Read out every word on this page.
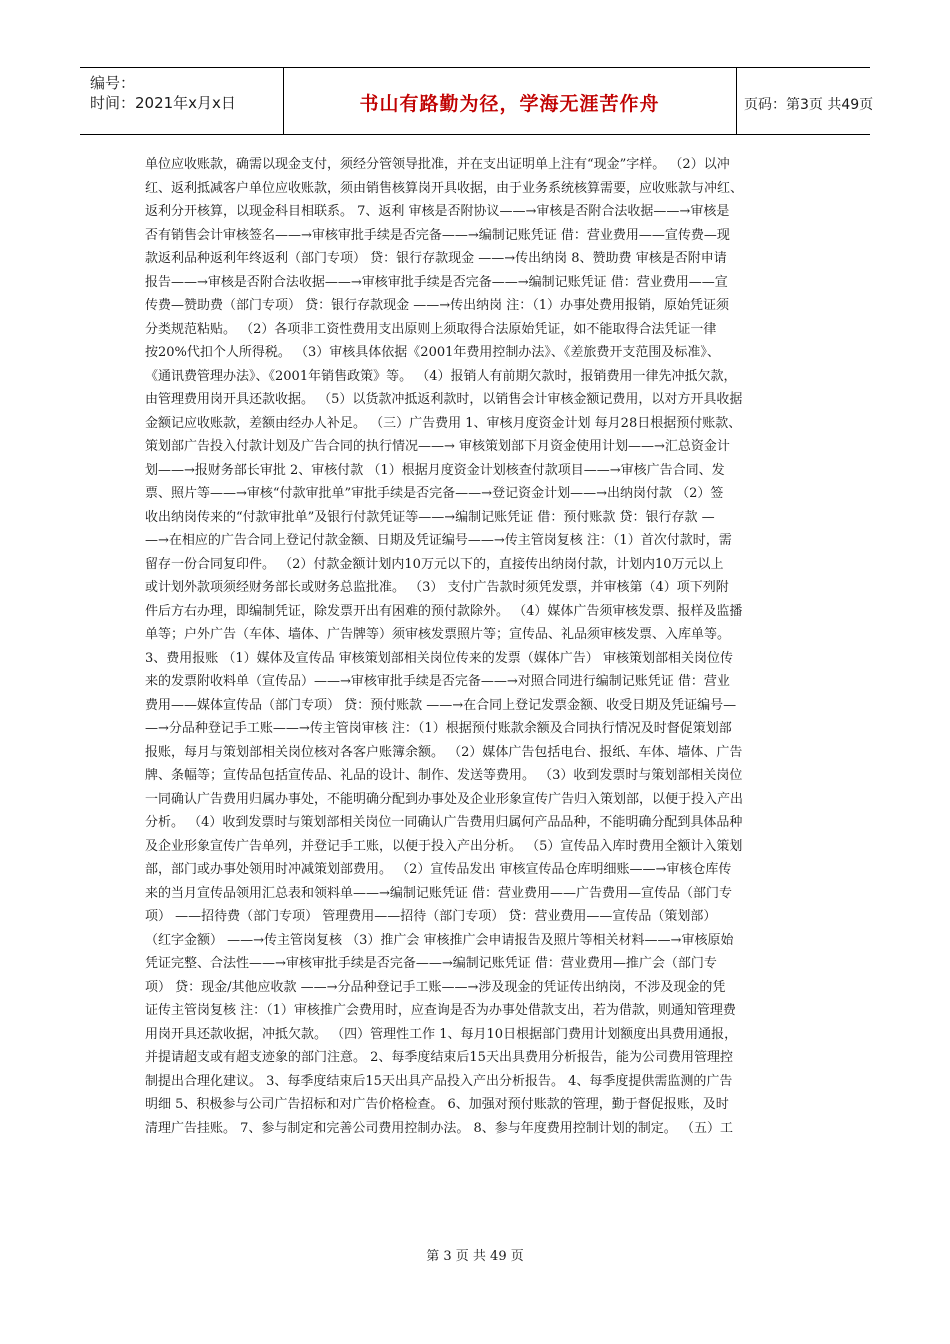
编号：
时间：2021年x月x日	书山有路勤为径，学海无涯苦作舟	页码：第3页 共49页
单位应收账款，确需以现金支付，须经分管领导批准，并在支出证明单上注有“现金”字样。 （2）以冲
红、返利抵减客户单位应收账款，须由销售核算岗开具收据，由于业务系统核算需要，应收账款与冲红、
返利分开核算，以现金科目相联系。 7、返利 审核是否附协议——→审核是否附合法收据——→审核是
否有销售会计审核签名——→审核审批手续是否完备——→编制记账凭证 借：营业费用——宣传费—现
款返利品种返利年终返利（部门专项） 贷：银行存款现金 ——→传出纳岗 8、赞助费 审核是否附申请
报告——→审核是否附合法收据——→审核审批手续是否完备——→编制记账凭证 借：营业费用——宣
传费—赞助费（部门专项） 贷：银行存款现金 ——→传出纳岗 注：（1）办事处费用报销，原始凭证须
分类规范粘贴。 （2）各项非工资性费用支出原则上须取得合法原始凭证，如不能取得合法凭证一律
按20%代扣个人所得税。 （3）审核具体依据《2001年费用控制办法》、《差旅费开支范围及标准》、
《通讯费管理办法》、《2001年销售政策》等。 （4）报销人有前期欠款时，报销费用一律先冲抵欠款，
由管理费用岗开具还款收据。 （5）以货款冲抵返利款时，以销售会计审核金额记费用，以对方开具收据
金额记应收账款，差额由经办人补足。 （三）广告费用 1、审核月度资金计划 每月28日根据预付账款、
策划部广告投入付款计划及广告合同的执行情况——→ 审核策划部下月资金使用计划——→汇总资金计
划——→报财务部长审批 2、审核付款 （1）根据月度资金计划核查付款项目——→审核广告合同、发
票、照片等——→审核“付款审批单”审批手续是否完备——→登记资金计划——→出纳岗付款 （2）签
收出纳岗传来的“付款审批单”及银行付款凭证等——→编制记账凭证 借：预付账款 贷：银行存款 —
—→在相应的广告合同上登记付款金额、日期及凭证编号——→传主管岗复核 注：（1）首次付款时，需
留存一份合同复印件。 （2）付款金额计划内10万元以下的，直接传出纳岗付款，计划内10万元以上
或计划外款项须经财务部长或财务总监批准。 （3） 支付广告款时须凭发票，并审核第（4）项下列附
件后方右办理，即编制凭证，除发票开出有困难的预付款除外。 （4）媒体广告须审核发票、报样及监播
单等；户外广告（车体、墙体、广告牌等）须审核发票照片等；宣传品、礼品须审核发票、入库单等。
3、费用报账 （1）媒体及宣传品 审核策划部相关岗位传来的发票（媒体广告） 审核策划部相关岗位传
来的发票附收料单（宣传品）——→审核审批手续是否完备——→对照合同进行编制记账凭证 借：营业
费用——媒体宣传品（部门专项） 贷：预付账款 ——→在合同上登记发票金额、收受日期及凭证编号—
—→分品种登记手工账——→传主管岗审核 注：（1）根据预付账款余额及合同执行情况及时督促策划部
报账，每月与策划部相关岗位核对各客户账簿余额。 （2）媒体广告包括电台、报纸、车体、墙体、广告
牌、条幅等；宣传品包括宣传品、礼品的设计、制作、发送等费用。 （3）收到发票时与策划部相关岗位
一同确认广告费用归属办事处，不能明确分配到办事处及企业形象宣传广告归入策划部，以便于投入产出
分析。 （4）收到发票时与策划部相关岗位一同确认广告费用归属何产品品种，不能明确分配到具体品种
及企业形象宣传广告单列，并登记手工账，以便于投入产出分析。 （5）宣传品入库时费用全额计入策划
部，部门或办事处领用时冲减策划部费用。 （2）宣传品发出 审核宣传品仓库明细账——→审核仓库传
来的当月宣传品领用汇总表和领料单——→编制记账凭证 借：营业费用——广告费用—宣传品（部门专
项） ——招待费（部门专项） 管理费用——招待（部门专项） 贷：营业费用——宣传品（策划部）
（红字金额） ——→传主管岗复核 （3）推广会 审核推广会申请报告及照片等相关材料——→审核原始
凭证完整、合法性——→审核审批手续是否完备——→编制记账凭证 借：营业费用—推广会（部门专
项） 贷：现金/其他应收款 ——→分品种登记手工账——→涉及现金的凭证传出纳岗，不涉及现金的凭
证传主管岗复核 注：（1）审核推广会费用时，应查询是否为办事处借款支出，若为借款，则通知管理费
用岗开具还款收据，冲抵欠款。 （四）管理性工作 1、每月10日根据部门费用计划额度出具费用通报，
并提请超支或有超支迹象的部门注意。 2、每季度结束后15天出具费用分析报告，能为公司费用管理控
制提出合理化建议。 3、每季度结束后15天出具产品投入产出分析报告。 4、每季度提供需监测的广告
明细 5、积极参与公司广告招标和对广告价格检查。 6、加强对预付账款的管理，勤于督促报账，及时
清理广告挂账。 7、参与制定和完善公司费用控制办法。 8、参与年度费用控制计划的制定。 （五）工
第 3 页 共 49 页
